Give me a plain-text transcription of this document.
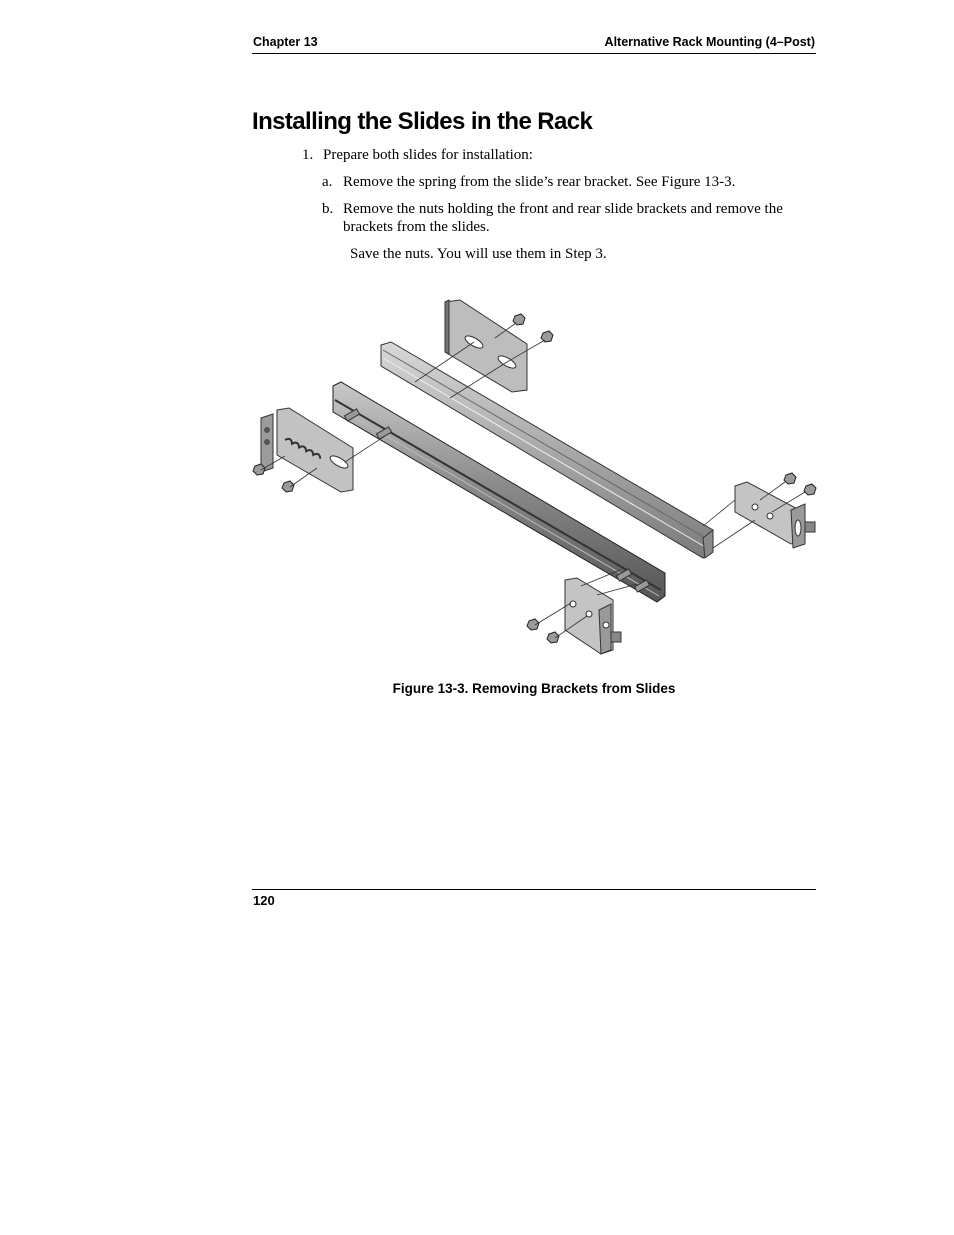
Chapter 13	Alternative Rack Mounting (4–Post)
Installing the Slides in the Rack
1. Prepare both slides for installation:
a. Remove the spring from the slide’s rear bracket. See Figure 13-3.
b. Remove the nuts holding the front and rear slide brackets and remove the brackets from the slides.
Save the nuts. You will use them in Step 3.
Figure 13-3. Removing Brackets from Slides
120
